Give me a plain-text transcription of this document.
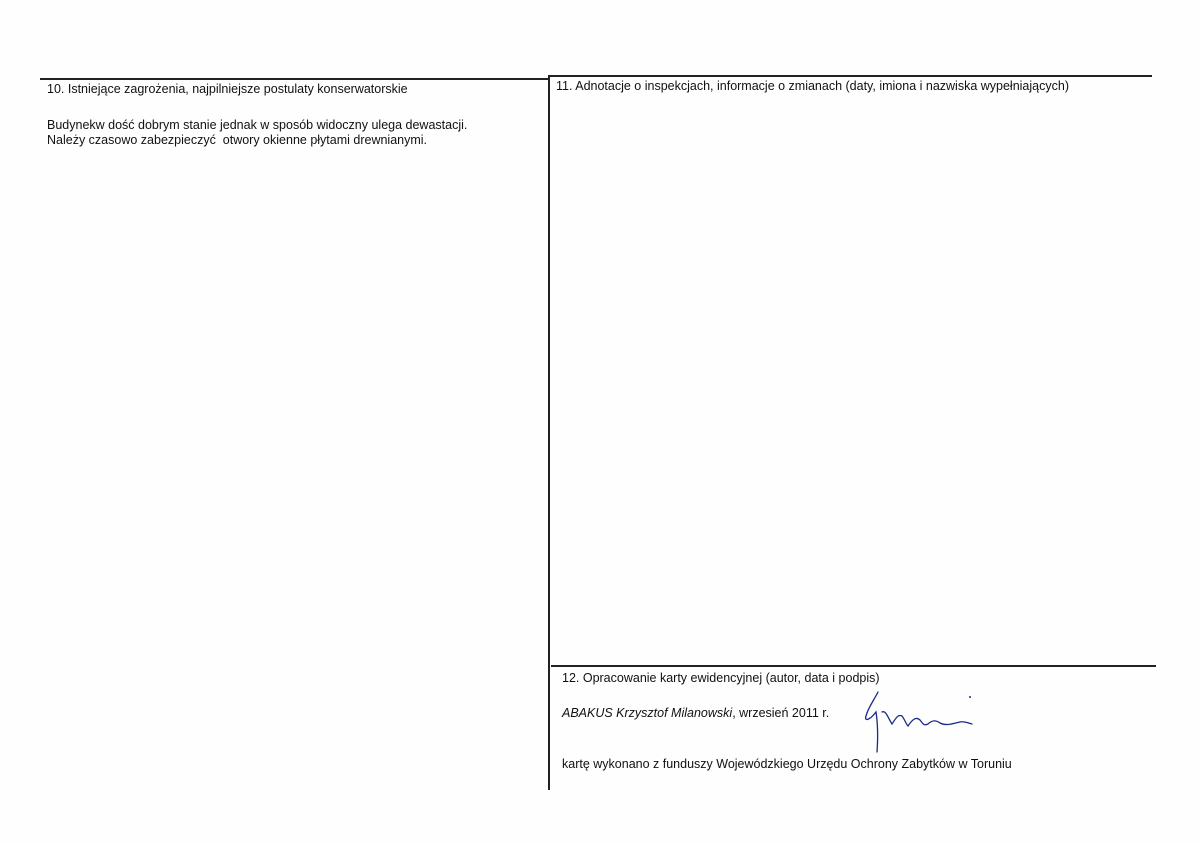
10. Istniejące zagrożenia, najpilniejsze postulaty konserwatorskie
Budynekw dość dobrym stanie jednak w sposób widoczny ulega dewastacji.
Należy czasowo zabezpieczyć  otwory okienne płytami drewnianymi.
11. Adnotacje o inspekcjach, informacje o zmianach (daty, imiona i nazwiska wypełniających)
12. Opracowanie karty ewidencyjnej (autor, data i podpis)
ABAKUS Krzysztof Milanowski, wrzesień 2011 r.
kartę wykonano z funduszy Wojewódzkiego Urzędu Ochrony Zabytków w Toruniu
